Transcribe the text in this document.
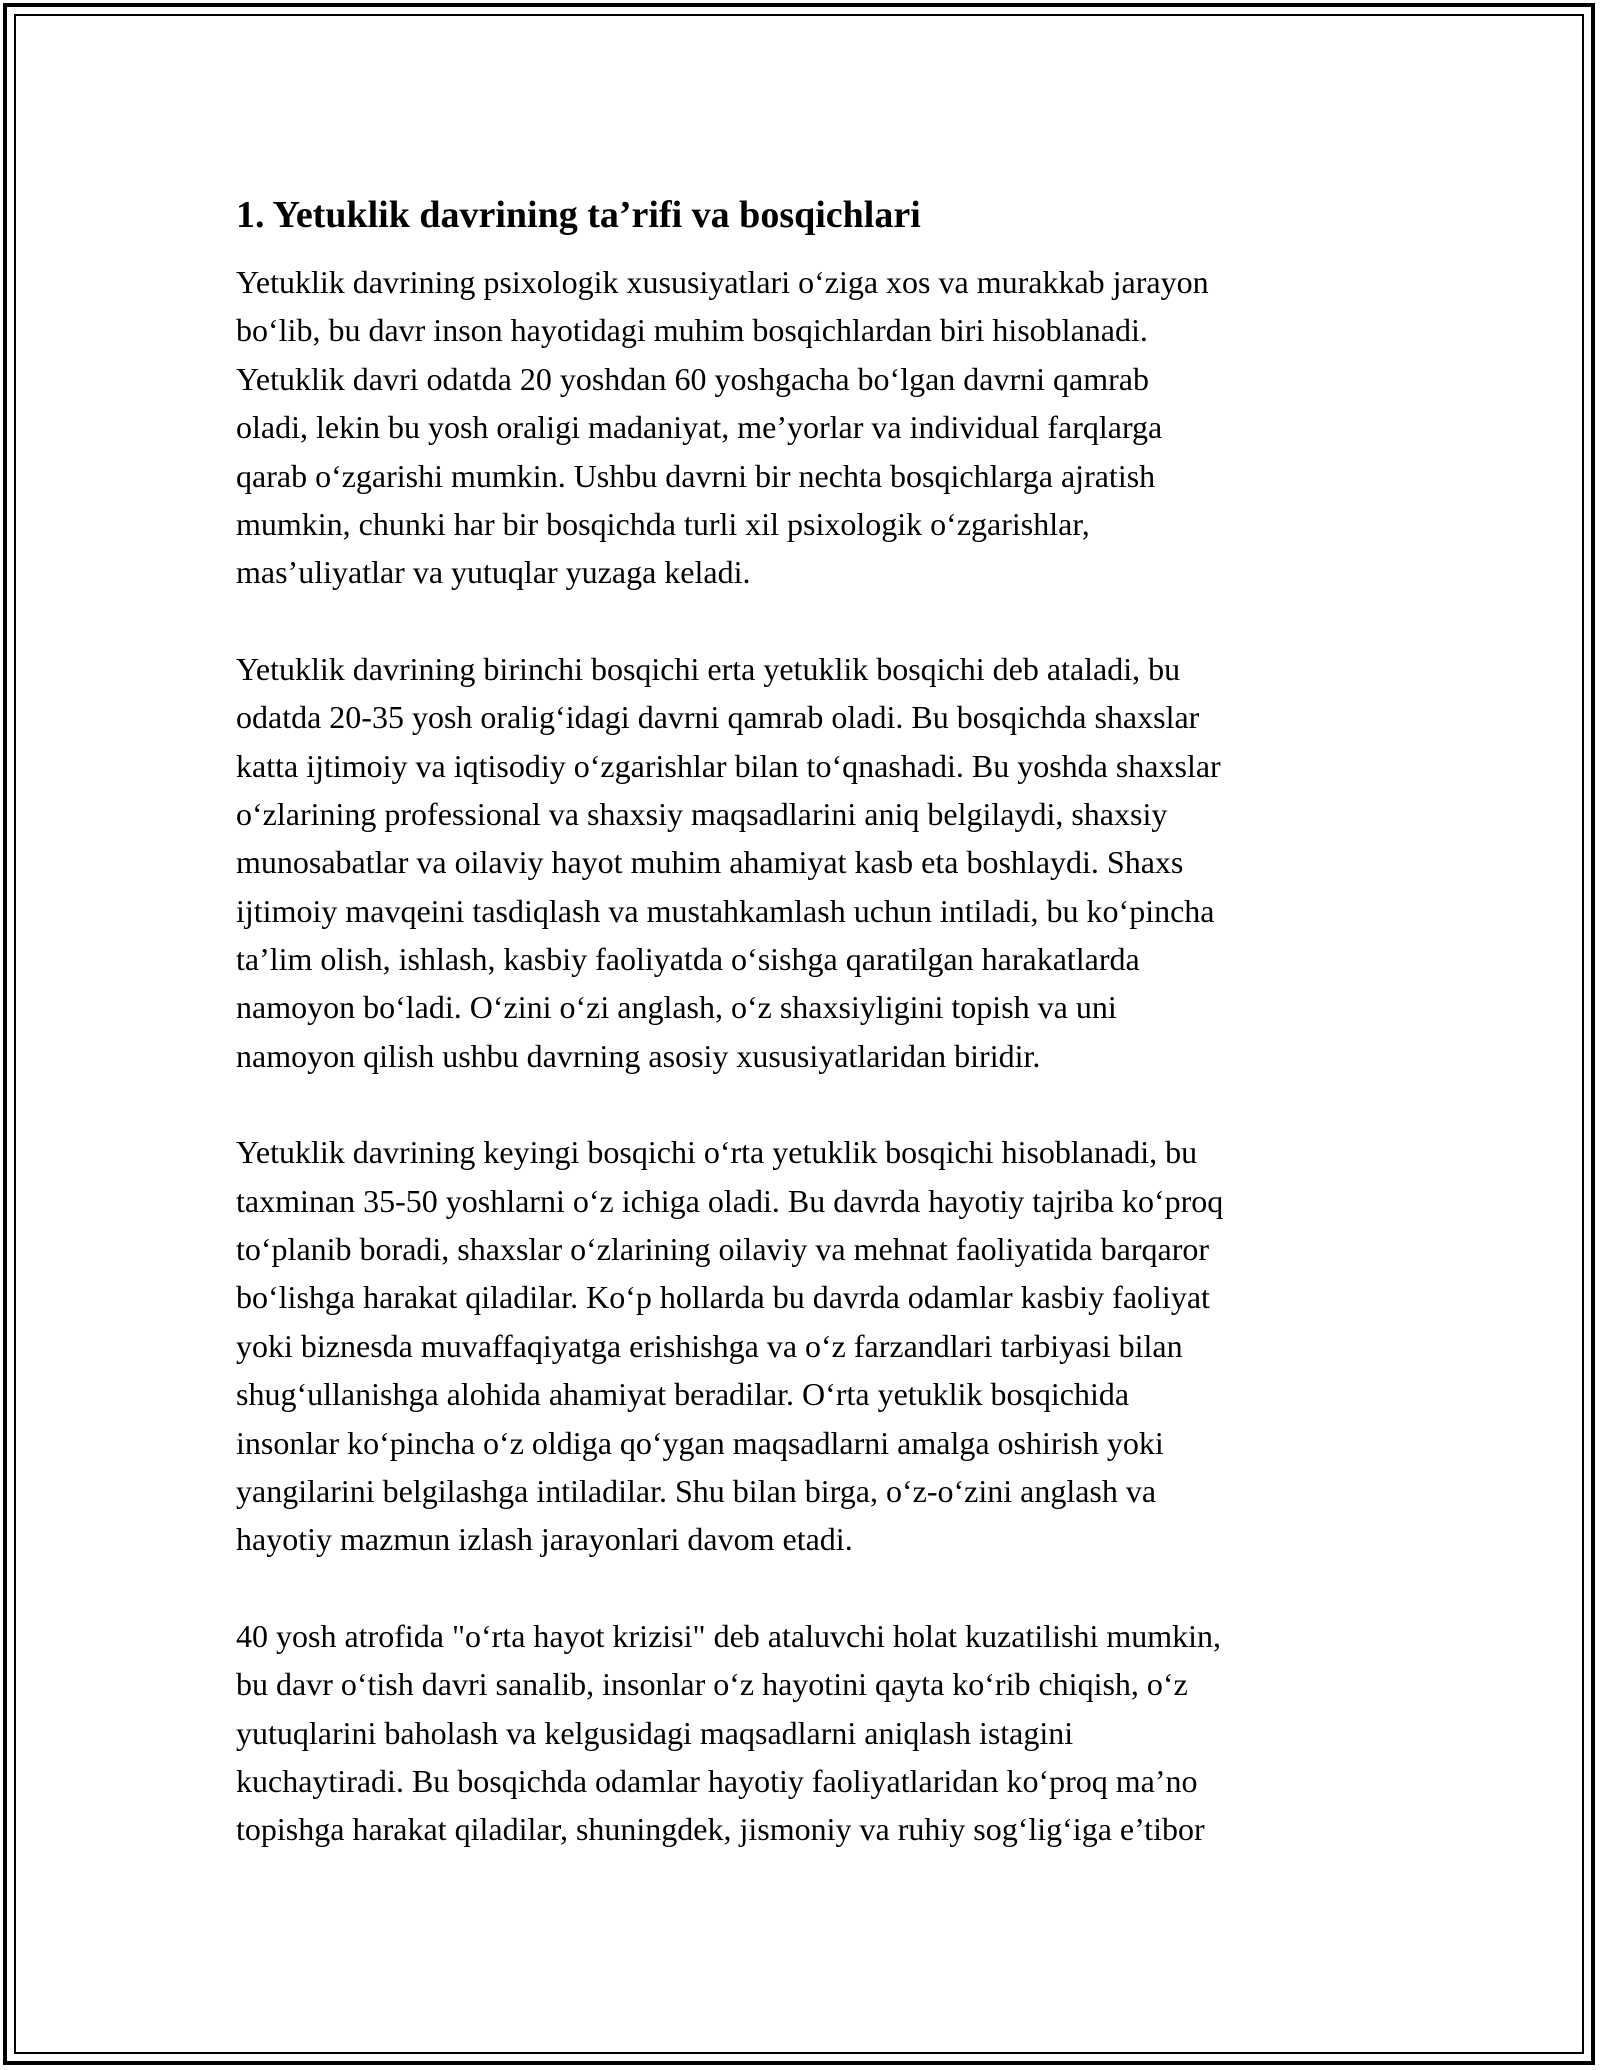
1. Yetuklik davrining ta’rifi va bosqichlari

Yetuklik davrining psixologik xususiyatlari o‘ziga xos va murakkab jarayon
bo‘lib, bu davr inson hayotidagi muhim bosqichlardan biri hisoblanadi.
Yetuklik davri odatda 20 yoshdan 60 yoshgacha bo‘lgan davrni qamrab
oladi, lekin bu yosh oraligi madaniyat, me’yorlar va individual farqlarga
qarab o‘zgarishi mumkin. Ushbu davrni bir nechta bosqichlarga ajratish
mumkin, chunki har bir bosqichda turli xil psixologik o‘zgarishlar,
mas’uliyatlar va yutuqlar yuzaga keladi.

Yetuklik davrining birinchi bosqichi erta yetuklik bosqichi deb ataladi, bu
odatda 20-35 yosh oralig‘idagi davrni qamrab oladi. Bu bosqichda shaxslar
katta ijtimoiy va iqtisodiy o‘zgarishlar bilan to‘qnashadi. Bu yoshda shaxslar
o‘zlarining professional va shaxsiy maqsadlarini aniq belgilaydi, shaxsiy
munosabatlar va oilaviy hayot muhim ahamiyat kasb eta boshlaydi. Shaxs
ijtimoiy mavqeini tasdiqlash va mustahkamlash uchun intiladi, bu ko‘pincha
ta’lim olish, ishlash, kasbiy faoliyatda o‘sishga qaratilgan harakatlarda
namoyon bo‘ladi. O‘zini o‘zi anglash, o‘z shaxsiyligini topish va uni
namoyon qilish ushbu davrning asosiy xususiyatlaridan biridir.

Yetuklik davrining keyingi bosqichi o‘rta yetuklik bosqichi hisoblanadi, bu
taxminan 35-50 yoshlarni o‘z ichiga oladi. Bu davrda hayotiy tajriba ko‘proq
to‘planib boradi, shaxslar o‘zlarining oilaviy va mehnat faoliyatida barqaror
bo‘lishga harakat qiladilar. Ko‘p hollarda bu davrda odamlar kasbiy faoliyat
yoki biznesda muvaffaqiyatga erishishga va o‘z farzandlari tarbiyasi bilan
shug‘ullanishga alohida ahamiyat beradilar. O‘rta yetuklik bosqichida
insonlar ko‘pincha o‘z oldiga qo‘ygan maqsadlarni amalga oshirish yoki
yangilarini belgilashga intiladilar. Shu bilan birga, o‘z-o‘zini anglash va
hayotiy mazmun izlash jarayonlari davom etadi.

40 yosh atrofida "o‘rta hayot krizisi" deb ataluvchi holat kuzatilishi mumkin,
bu davr o‘tish davri sanalib, insonlar o‘z hayotini qayta ko‘rib chiqish, o‘z
yutuqlarini baholash va kelgusidagi maqsadlarni aniqlash istagini
kuchaytiradi. Bu bosqichda odamlar hayotiy faoliyatlaridan ko‘proq ma’no
topishga harakat qiladilar, shuningdek, jismoniy va ruhiy sog‘lig‘iga e’tibor
